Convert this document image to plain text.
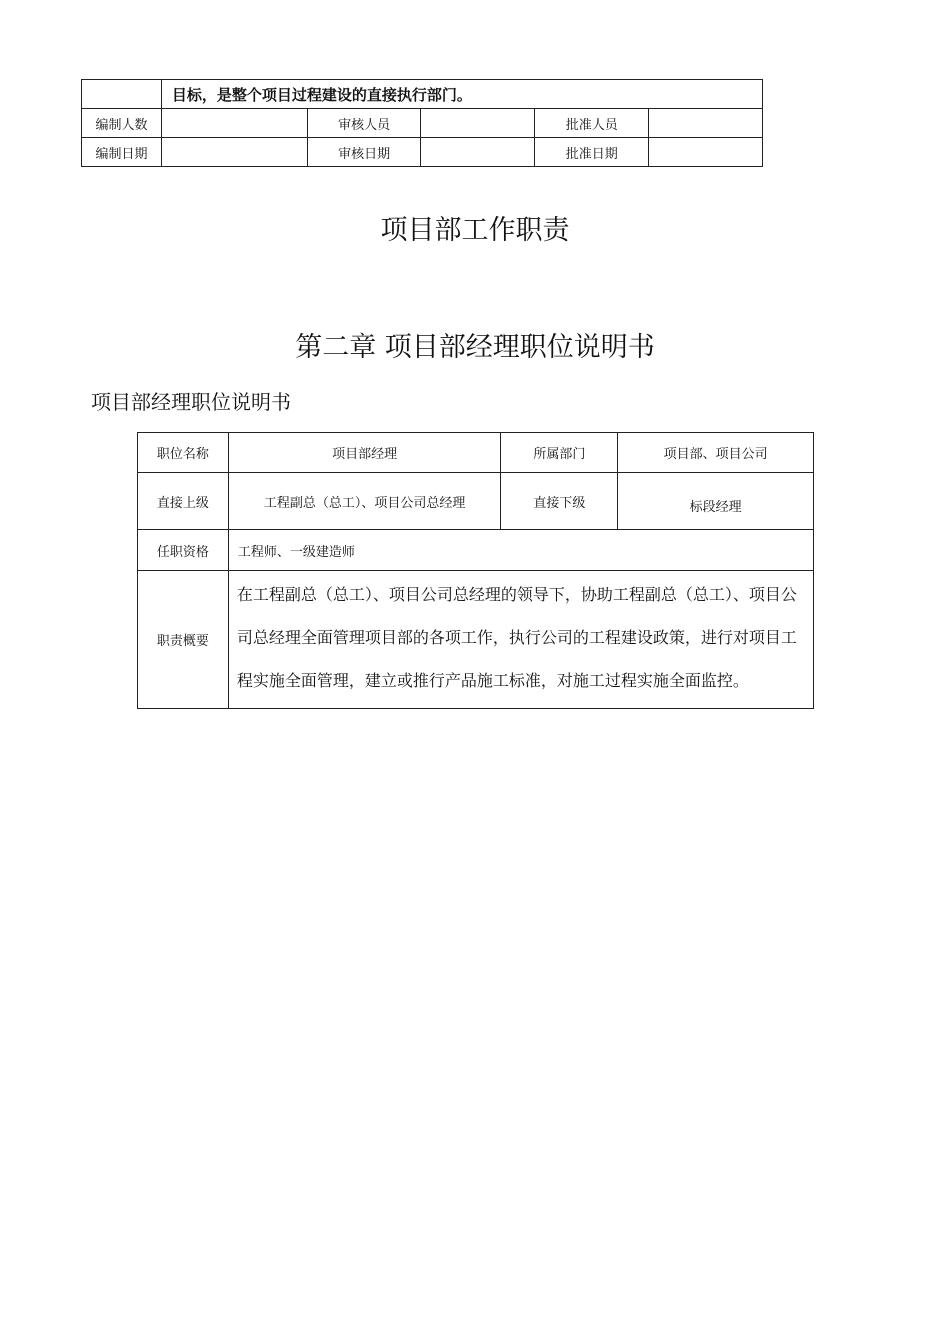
	目标，是整个项目过程建设的直接执行部门。				
编制人数		审核人员		批准人员	
编制日期		审核日期		批准日期	
项目部工作职责
第二章 项目部经理职位说明书
项目部经理职位说明书
职位名称	项目部经理	所属部门	项目部、项目公司
直接上级	工程副总（总工）、项目公司总经理	直接下级	标段经理
任职资格	工程师、一级建造师		
职责概要	在工程副总（总工）、项目公司总经理的领导下，协助工程副总（总工）、项目公司总经理全面管理项目部的各项工作，执行公司的工程建设政策，进行对项目工程实施全面管理，建立或推行产品施工标准，对施工过程实施全面监控。		
